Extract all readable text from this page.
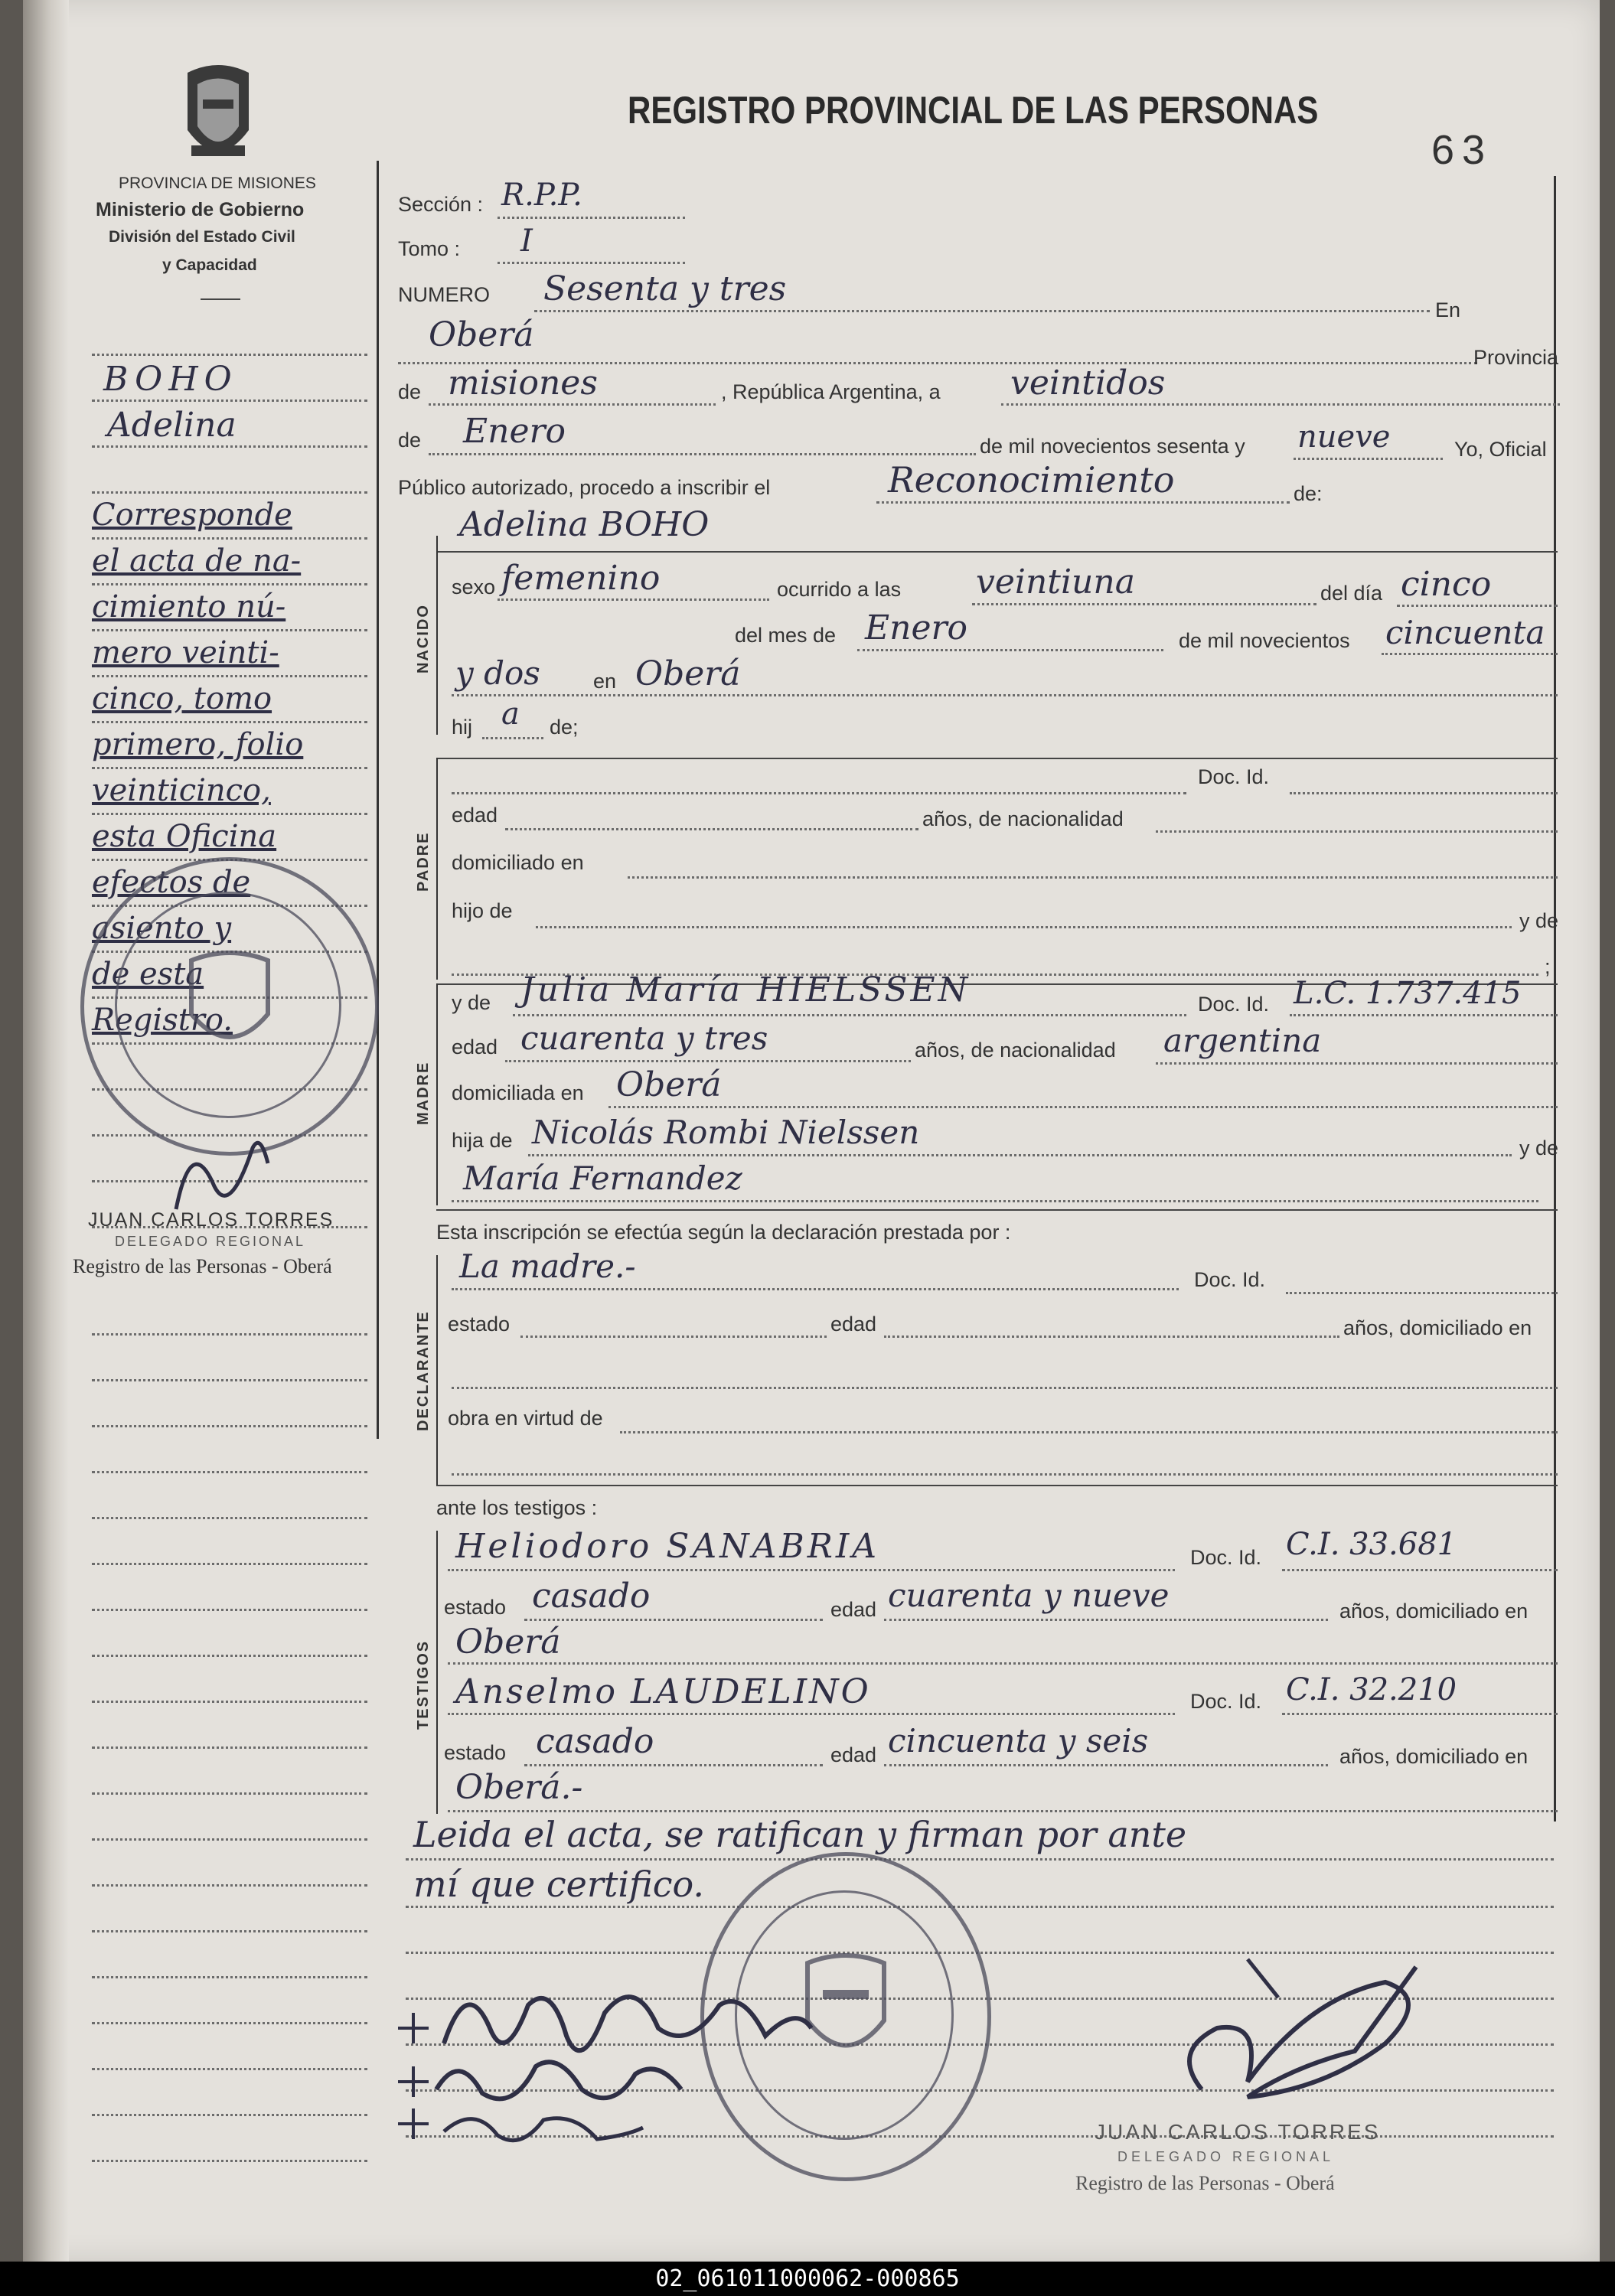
PROVINCIA DE MISIONES
Ministerio de Gobierno
División del Estado Civil
y Capacidad
REGISTRO PROVINCIAL DE LAS PERSONAS
63
BOHO
Adelina
Corresponde
el acta de na-
cimiento nú-
mero veinti-
cinco, tomo
primero, folio
veinticinco,
esta Oficina
efectos de
asiento y
de esta
Registro.
JUAN CARLOS TORRES
DELEGADO REGIONAL
Registro de las Personas - Oberá
Sección : R.P.P.
Tomo : I
NUMERO Sesenta y tres
En
Oberá
Provincia
de misiones	, República Argentina, a veintidos
de Enero	de mil novecientos sesenta y nueve	Yo, Oficial
Público autorizado, procedo a inscribir el	Reconocimiento	de:
Adelina BOHO
NACIDO
sexo femenino	ocurrido a las veintiuna	del día cinco
del mes de Enero	de mil novecientos cincuenta
y dos	en Oberá
hij a de;
PADRE
Doc. Id.
edad	años, de nacionalidad
domiciliado en
hijo de	y de
;
MADRE
y de Julia María HIELSSEN	Doc. Id. L.C. 1.737.415
edad cuarenta y tres	años, de nacionalidad argentina
domiciliada en Oberá
hija de Nicolás Rombi Nielssen	y de
María Fernandez
Esta inscripción se efectúa según la declaración prestada por :
DECLARANTE
La madre.-	Doc. Id.
estado	edad	años, domiciliado en
obra en virtud de
ante los testigos :
TESTIGOS
Heliodoro SANABRIA	Doc. Id. C.I. 33.681
estado casado	edad cuarenta y nueve	años, domiciliado en
Oberá
Anselmo LAUDELINO	Doc. Id. C.I. 32.210
estado casado	edad cincuenta y seis	años, domiciliado en
Oberá.-
Leida el acta, se ratifican y firman por ante
mí que certifico.
JUAN CARLOS TORRES
DELEGADO REGIONAL
Registro de las Personas - Oberá
02_061011000062-000865
